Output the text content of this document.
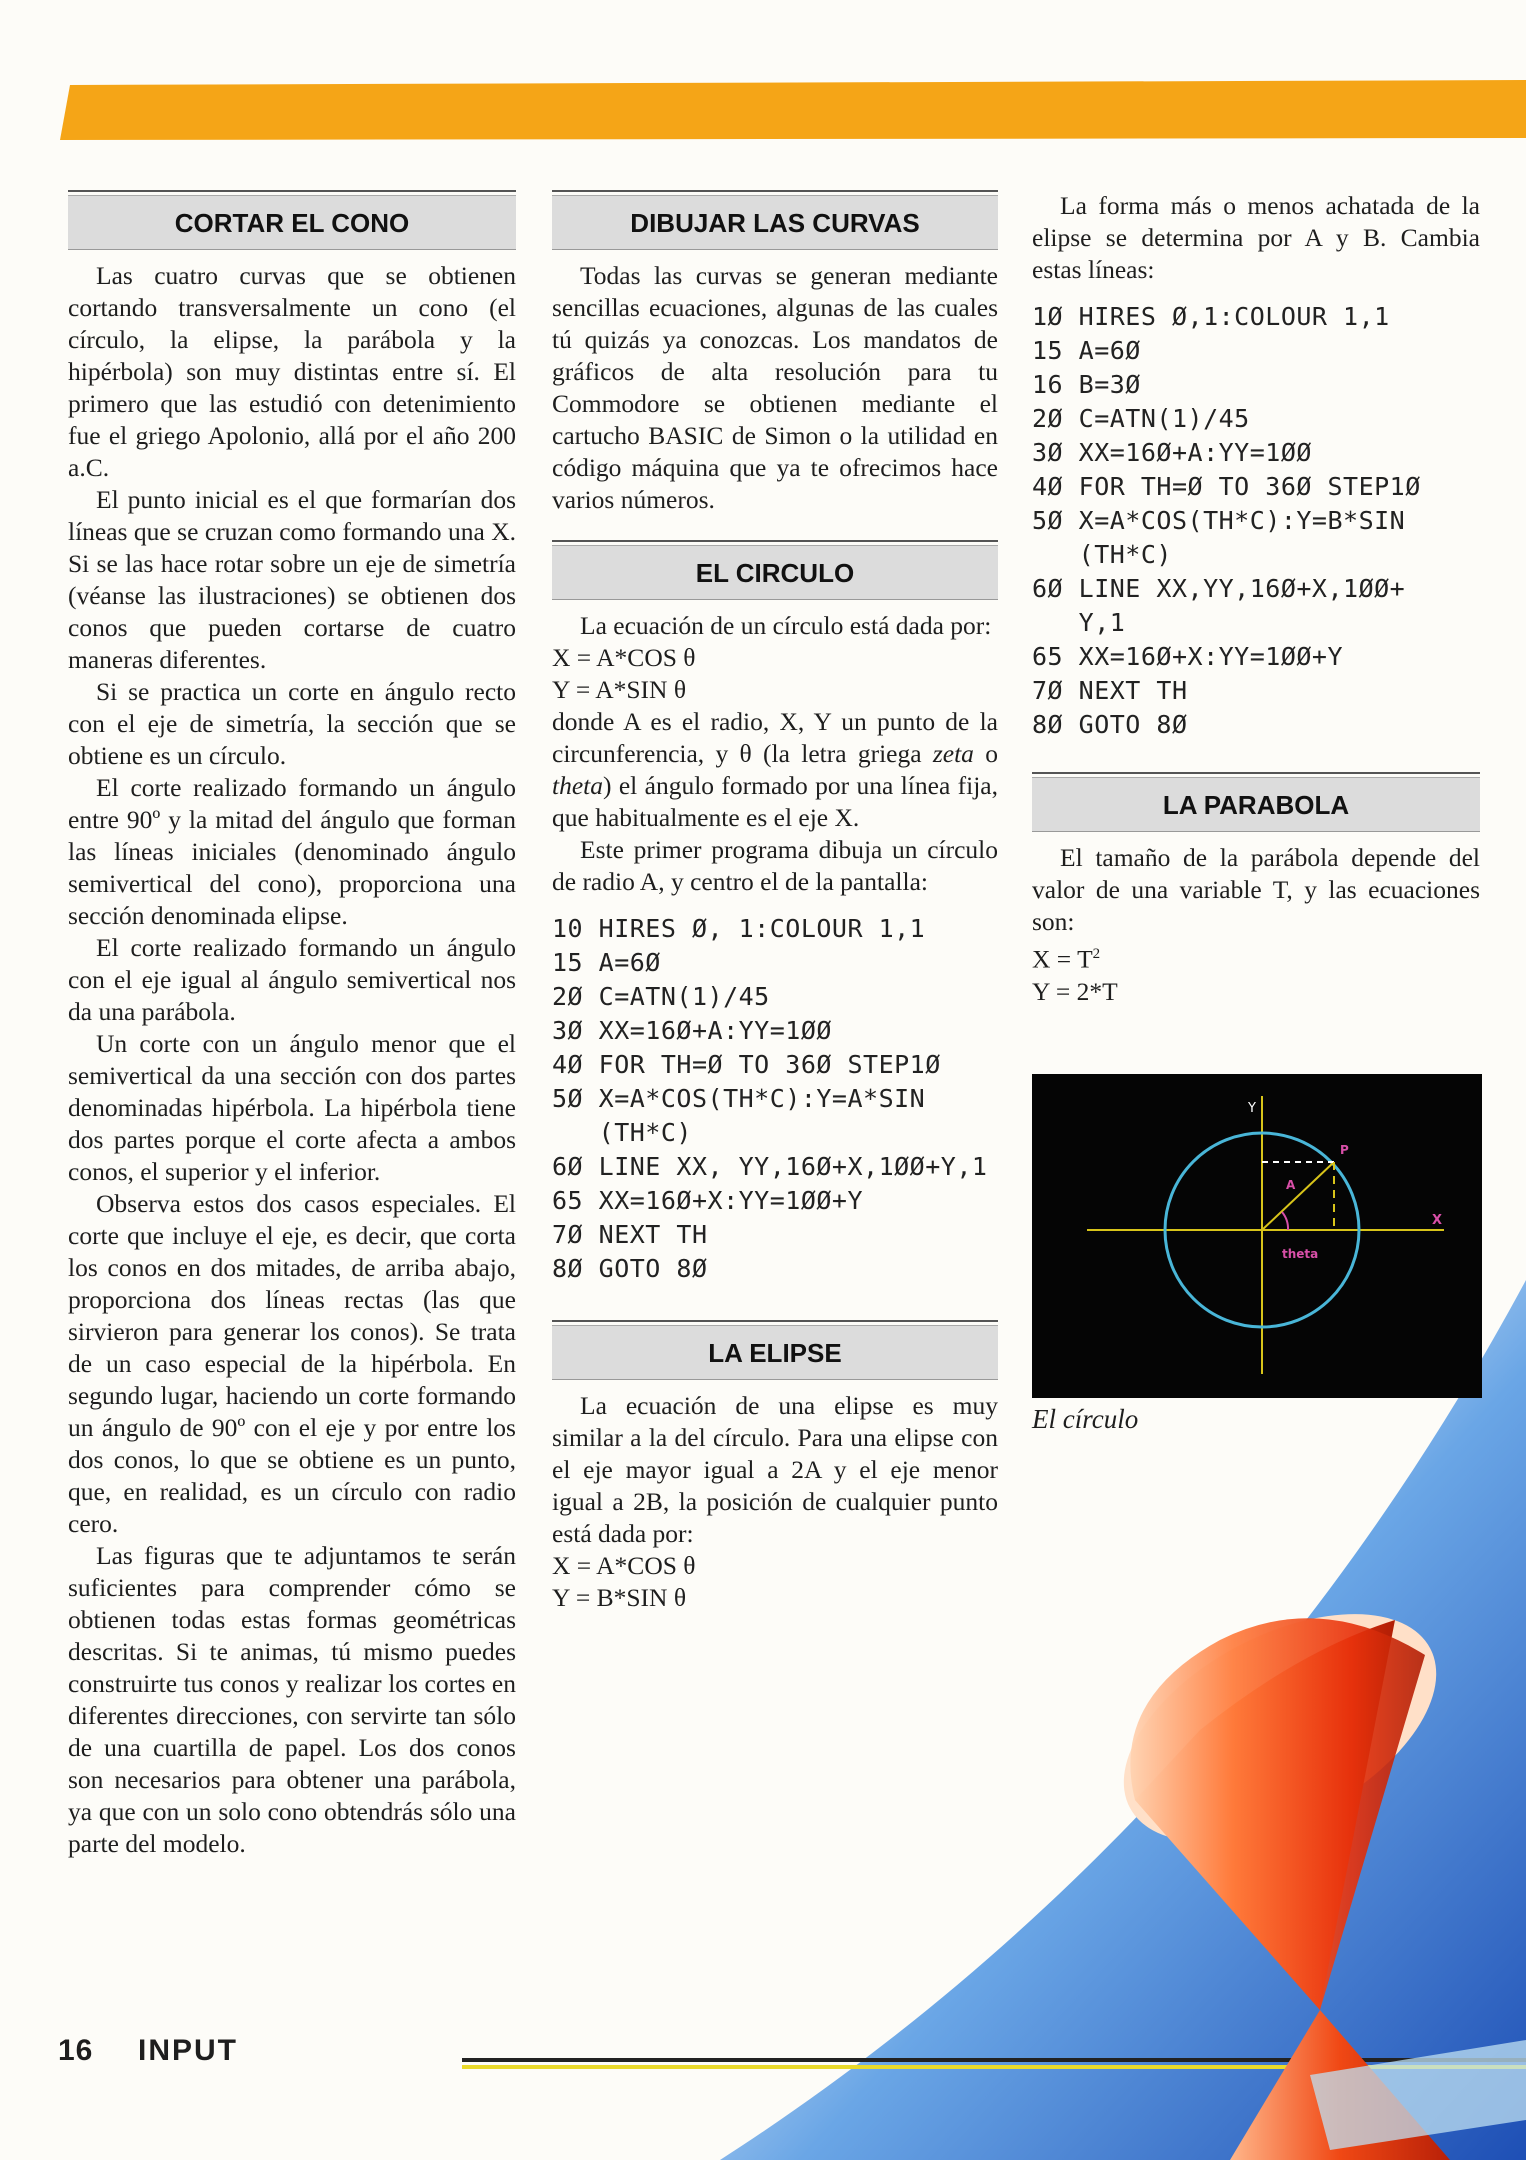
CORTAR EL CONO

Las cuatro curvas que se obtienen cortando transversalmente un cono (el círculo, la elipse, la parábola y la hipérbola) son muy distintas entre sí. El primero que las estudió con detenimiento fue el griego Apolonio, allá por el año 200 a.C.

El punto inicial es el que formarían dos líneas que se cruzan como formando una X. Si se las hace rotar sobre un eje de simetría (véanse las ilustraciones) se obtienen dos conos que pueden cortarse de cuatro maneras diferentes.

Si se practica un corte en ángulo recto con el eje de simetría, la sección que se obtiene es un círculo.

El corte realizado formando un ángulo entre 90º y la mitad del ángulo que forman las líneas iniciales (denominado ángulo semivertical del cono), proporciona una sección denominada elipse.

El corte realizado formando un ángulo con el eje igual al ángulo semivertical nos da una parábola.

Un corte con un ángulo menor que el semivertical da una sección con dos partes denominadas hipérbola. La hipérbola tiene dos partes porque el corte afecta a ambos conos, el superior y el inferior.

Observa estos dos casos especiales. El corte que incluye el eje, es decir, que corta los conos en dos mitades, de arriba abajo, proporciona dos líneas rectas (las que sirvieron para generar los conos). Se trata de un caso especial de la hipérbola. En segundo lugar, haciendo un corte formando un ángulo de 90º con el eje y por entre los dos conos, lo que se obtiene es un punto, que, en realidad, es un círculo con radio cero.

Las figuras que te adjuntamos te serán suficientes para comprender cómo se obtienen todas estas formas geométricas descritas. Si te animas, tú mismo puedes construirte tus conos y realizar los cortes en diferentes direcciones, con servirte tan sólo de una cuartilla de papel. Los dos conos son necesarios para obtener una parábola, ya que con un solo cono obtendrás sólo una parte del modelo.

DIBUJAR LAS CURVAS

Todas las curvas se generan mediante sencillas ecuaciones, algunas de las cuales tú quizás ya conozcas. Los mandatos de gráficos de alta resolución para tu Commodore se obtienen mediante el cartucho BASIC de Simon o la utilidad en código máquina que ya te ofrecimos hace varios números.

EL CIRCULO

La ecuación de un círculo está dada por:

X = A*COS θ

Y = A*SIN θ

donde A es el radio, X, Y un punto de la circunferencia, y θ (la letra griega zeta o theta) el ángulo formado por una línea fija, que habitualmente es el eje X.

Este primer programa dibuja un círculo de radio A, y centro el de la pantalla:

10 HIRES Ø, 1:COLOUR 1,1

15 A=6Ø

2Ø C=ATN(1)/45

3Ø XX=16Ø+A:YY=1ØØ

4Ø FOR TH=Ø TO 36Ø STEP1Ø

5Ø X=A*COS(TH*C):Y=A*SIN

(TH*C)

6Ø LINE XX, YY,16Ø+X,1ØØ+Y,1

65 XX=16Ø+X:YY=1ØØ+Y

7Ø NEXT TH

8Ø GOTO 8Ø

LA ELIPSE

La ecuación de una elipse es muy similar a la del círculo. Para una elipse con el eje mayor igual a 2A y el eje menor igual a 2B, la posición de cualquier punto está dada por:

X = A*COS θ

Y = B*SIN θ

La forma más o menos achatada de la elipse se determina por A y B. Cambia estas líneas:

1Ø HIRES Ø,1:COLOUR 1,1

15 A=6Ø

16 B=3Ø

2Ø C=ATN(1)/45

3Ø XX=16Ø+A:YY=1ØØ

4Ø FOR TH=Ø TO 36Ø STEP1Ø

5Ø X=A*COS(TH*C):Y=B*SIN

(TH*C)

6Ø LINE XX,YY,16Ø+X,1ØØ+

Y,1

65 XX=16Ø+X:YY=1ØØ+Y

7Ø NEXT TH

8Ø GOTO 8Ø

LA PARABOLA

El tamaño de la parábola depende del valor de una variable T, y las ecuaciones son:

$X = T^2$

Y = 2*T

Y
X
P
A
theta
El círculo
16 INPUT
